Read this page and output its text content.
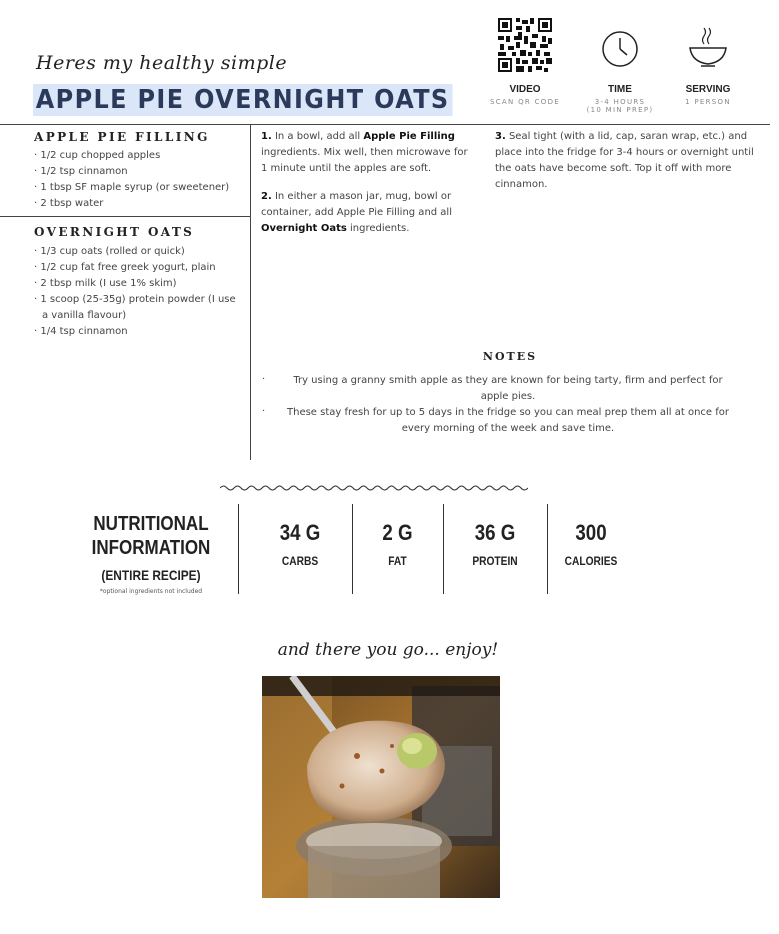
Heres my healthy simple
APPLE PIE OVERNIGHT OATS	VIDEO
SCAN QR CODE
TIME
3-4 HOURS
(10 MIN PREP)
SERVING
1 PERSON
APPLE PIE FILLING
· 1/2 cup chopped apples
· 1/2 tsp cinnamon
· 1 tbsp SF maple syrup (or sweetener)
· 2 tbsp water
OVERNIGHT OATS
· 1/3 cup oats (rolled or quick)
· 1/2 cup fat free greek yogurt, plain
· 2 tbsp milk (I use 1% skim)
· 1 scoop (25-35g) protein powder (I use a vanilla flavour)
· 1/4 tsp cinnamon
1. In a bowl, add all Apple Pie Filling ingredients. Mix well, then microwave for 1 minute until the apples are soft.
2. In either a mason jar, mug, bowl or container, add Apple Pie Filling and all Overnight Oats ingredients.
3. Seal tight (with a lid, cap, saran wrap, etc.) and place into the fridge for 3-4 hours or overnight until the oats have become soft. Top it off with more cinnamon.
NOTES
·	Try using a granny smith apple as they are known for being tarty, firm and perfect for apple pies.
·	These stay fresh for up to 5 days in the fridge so you can meal prep them all at once for every morning of the week and save time.
NUTRITIONAL
INFORMATION
(ENTIRE RECIPE)
*optional ingredients not included
34 G
CARBS
2 G
FAT
36 G
PROTEIN
300
CALORIES
and there you go... enjoy!
